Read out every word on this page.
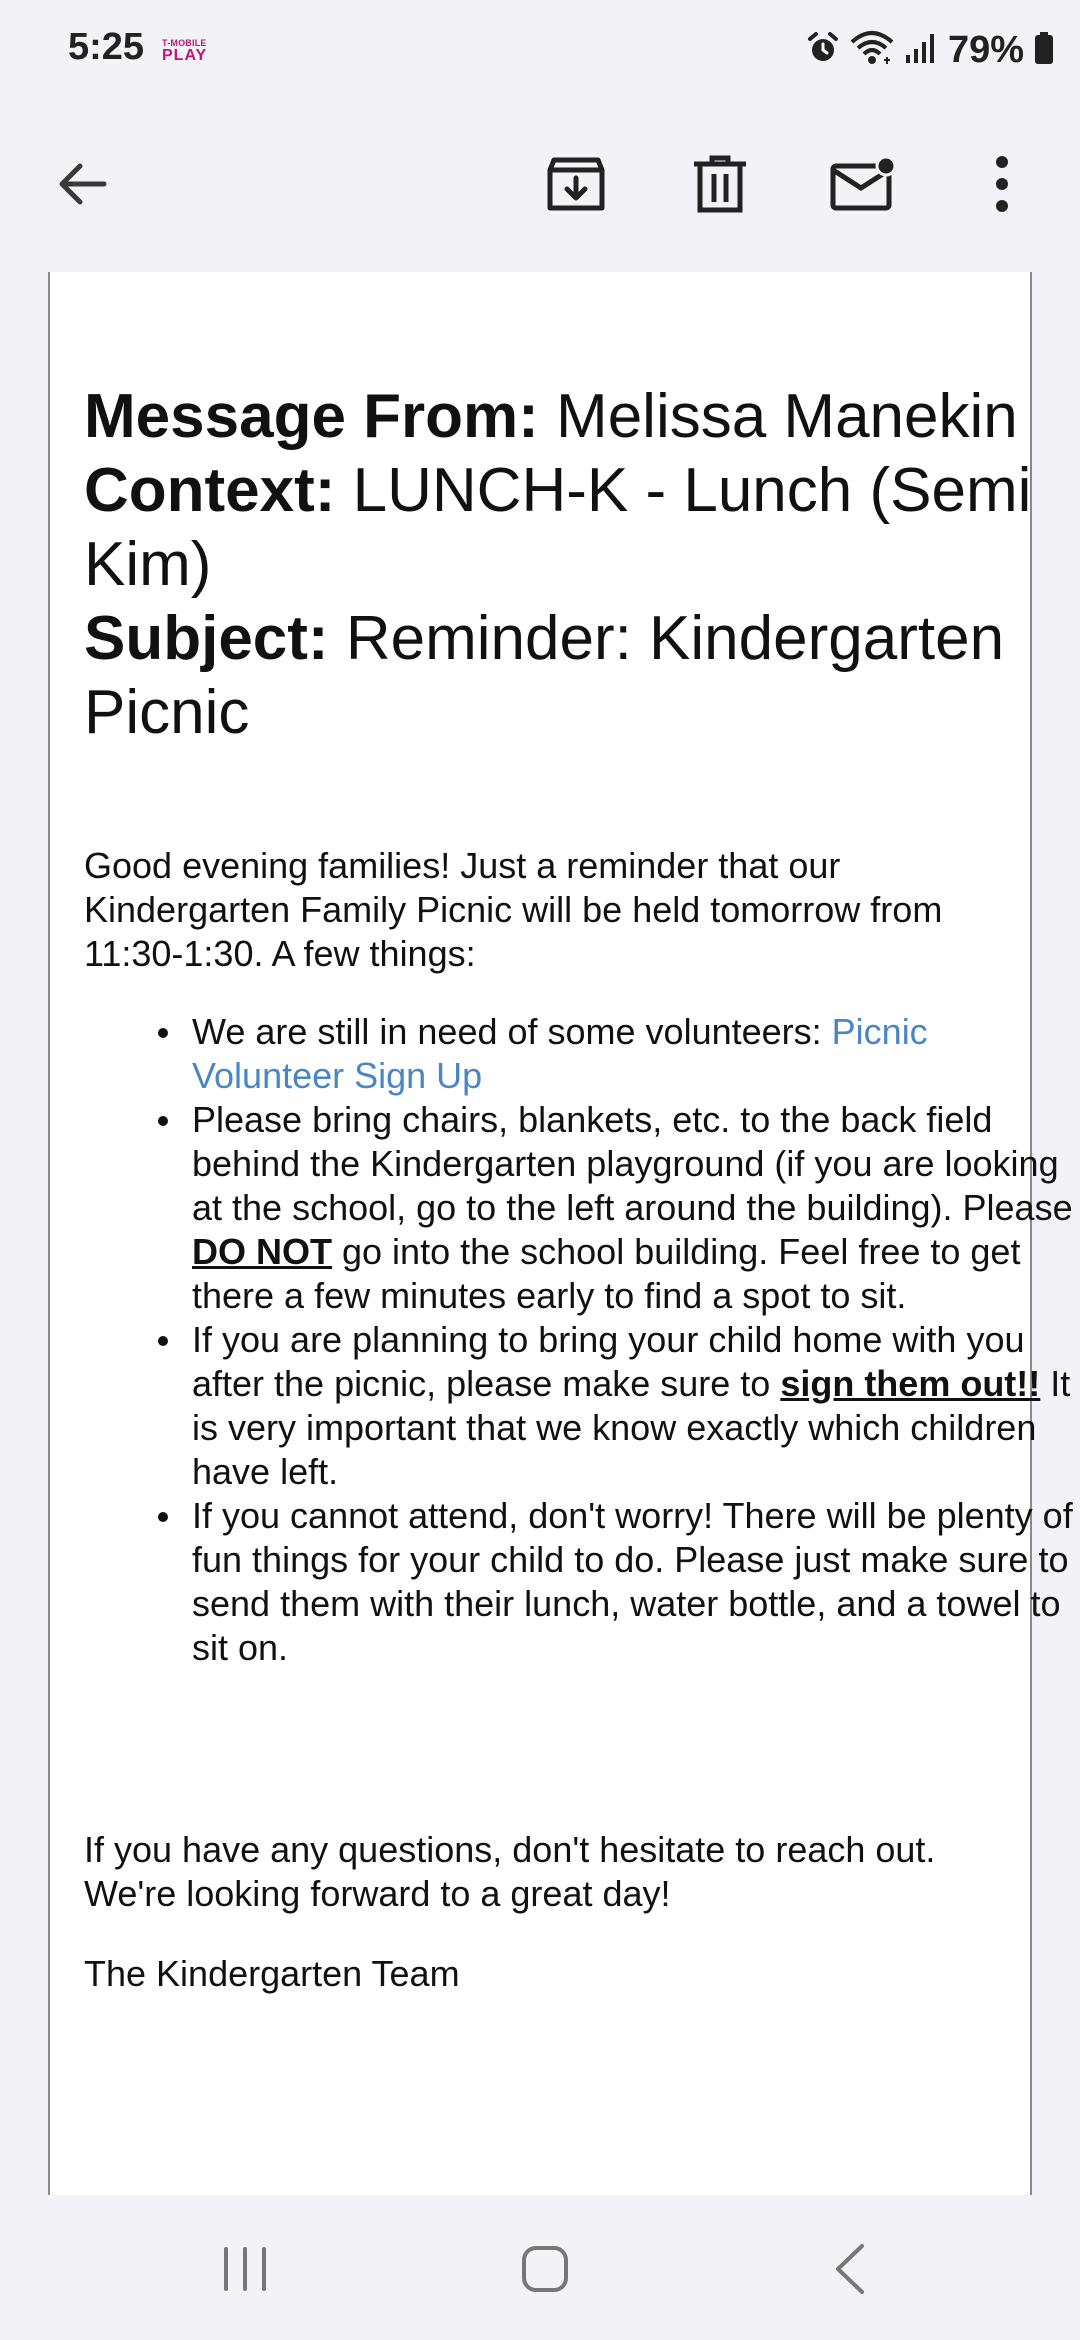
5:25 T-MOBILE
PLAY	79%
Message From: Melissa Manekin
Context: LUNCH-K - Lunch (Semi Kim)
Subject: Reminder: Kindergarten Picnic
Good evening families! Just a reminder that our Kindergarten Family Picnic will be held tomorrow from 11:30-1:30. A few things:
We are still in need of some volunteers: Picnic Volunteer Sign Up
Please bring chairs, blankets, etc. to the back field behind the Kindergarten playground (if you are looking at the school, go to the left around the building). Please DO NOT go into the school building. Feel free to get there a few minutes early to find a spot to sit.
If you are planning to bring your child home with you after the picnic, please make sure to sign them out!! It is very important that we know exactly which children have left.
If you cannot attend, don't worry! There will be plenty of fun things for your child to do. Please just make sure to send them with their lunch, water bottle, and a towel to sit on.
If you have any questions, don't hesitate to reach out. We're looking forward to a great day!
The Kindergarten Team
